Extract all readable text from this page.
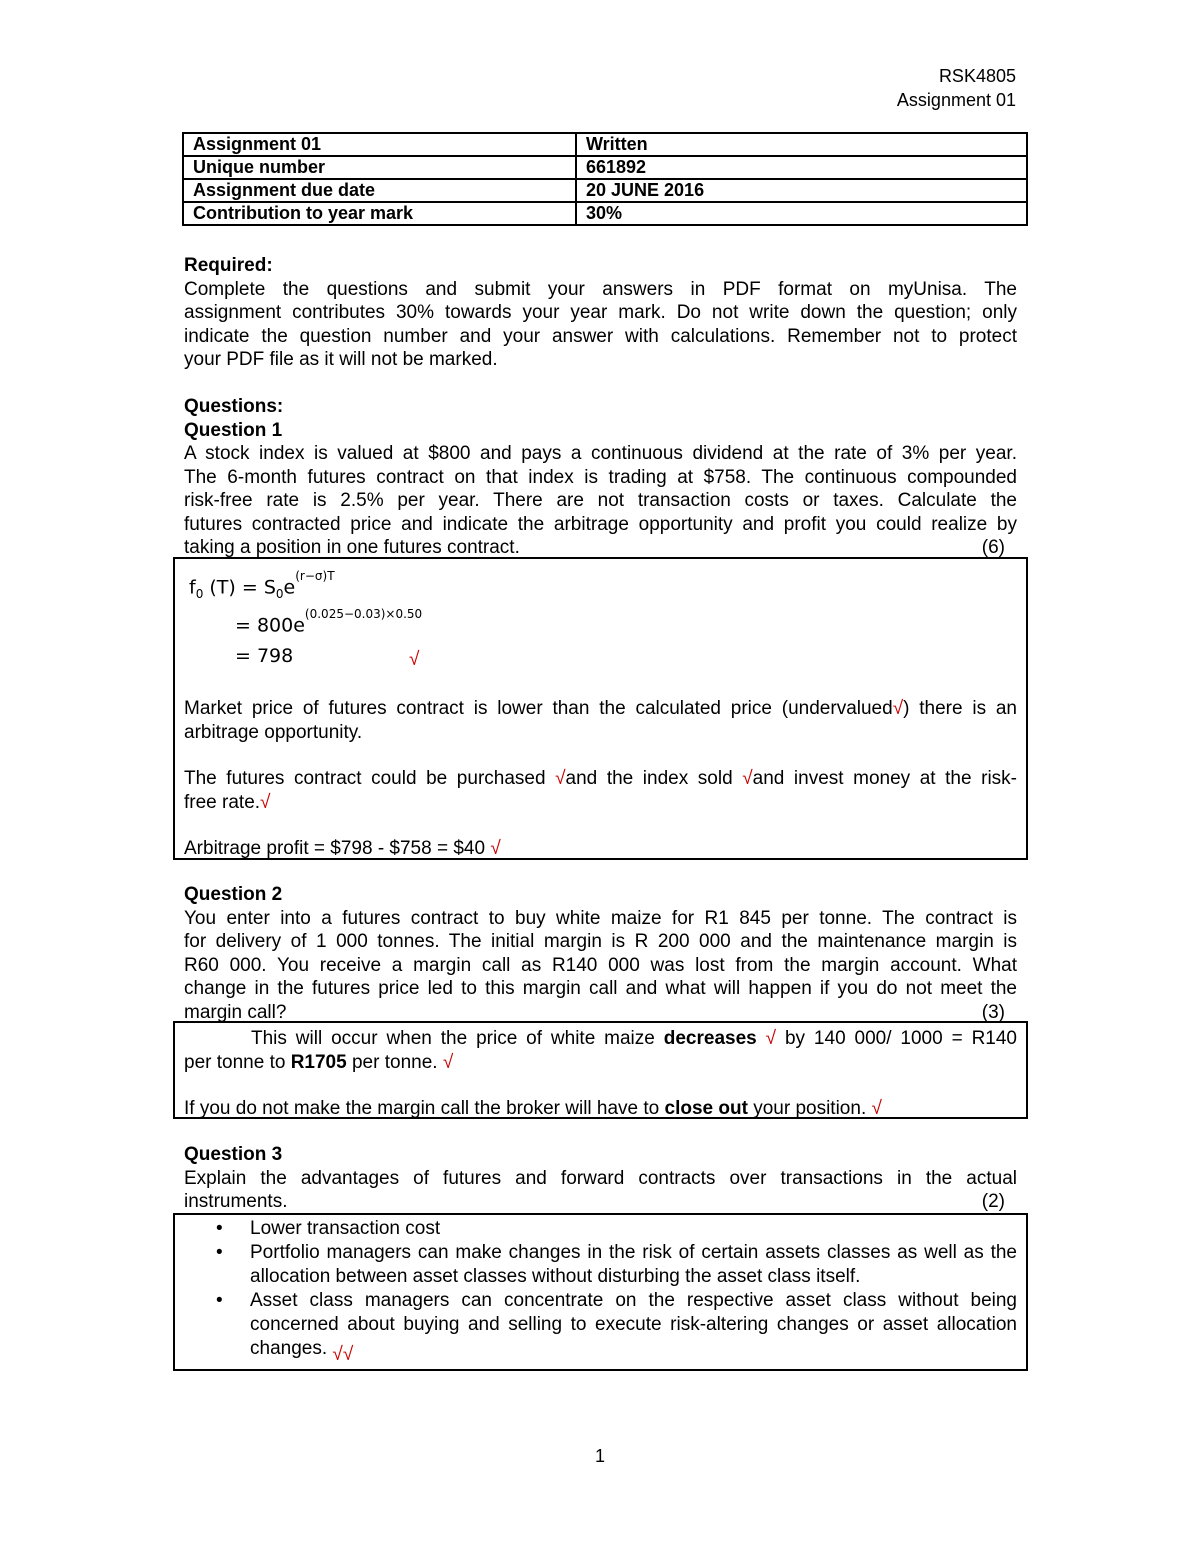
RSK4805
Assignment 01
Assignment 01	Written
Unique number	661892
Assignment due date	20 JUNE 2016
Contribution to year mark	30%
Required:
Complete the questions and submit your answers in PDF format on myUnisa. The
assignment contributes 30% towards your year mark. Do not write down the question; only
indicate the question number and your answer with calculations. Remember not to protect
your PDF file as it will not be marked.
Questions:
Question 1
A stock index is valued at $800 and pays a continuous dividend at the rate of 3% per year.
The 6-month futures contract on that index is trading at $758. The continuous compounded
risk-free rate is 2.5% per year. There are not transaction costs or taxes. Calculate the
futures contracted price and indicate the arbitrage opportunity and profit you could realize by
taking a position in one futures contract.	(6)
$f_0$ $(T) = S_0e^{(r-\sigma)T}$
= $800e^{(0.025-0.03)\times 0.50}$
= 798	√
Market price of futures contract is lower than the calculated price (undervalued√) there is an
arbitrage opportunity.
The futures contract could be purchased √and the index sold √and invest money at the risk-
free rate.√
Arbitrage profit = $798 - $758 = $40 √
Question 2
You enter into a futures contract to buy white maize for R1 845 per tonne. The contract is
for delivery of 1 000 tonnes. The initial margin is R 200 000 and the maintenance margin is
R60 000. You receive a margin call as R140 000 was lost from the margin account. What
change in the futures price led to this margin call and what will happen if you do not meet the
margin call?	(3)
This will occur when the price of white maize decreases √ by 140 000/ 1000 = R140
per tonne to R1705 per tonne. √
If you do not make the margin call the broker will have to close out your position. √
Question 3
Explain the advantages of futures and forward contracts over transactions in the actual
instruments.	(2)
• Lower transaction cost
• Portfolio managers can make changes in the risk of certain assets classes as well as the allocation between asset classes without disturbing the asset class itself.
• Asset class managers can concentrate on the respective asset class without being concerned about buying and selling to execute risk-altering changes or asset allocation changes. √√
1
